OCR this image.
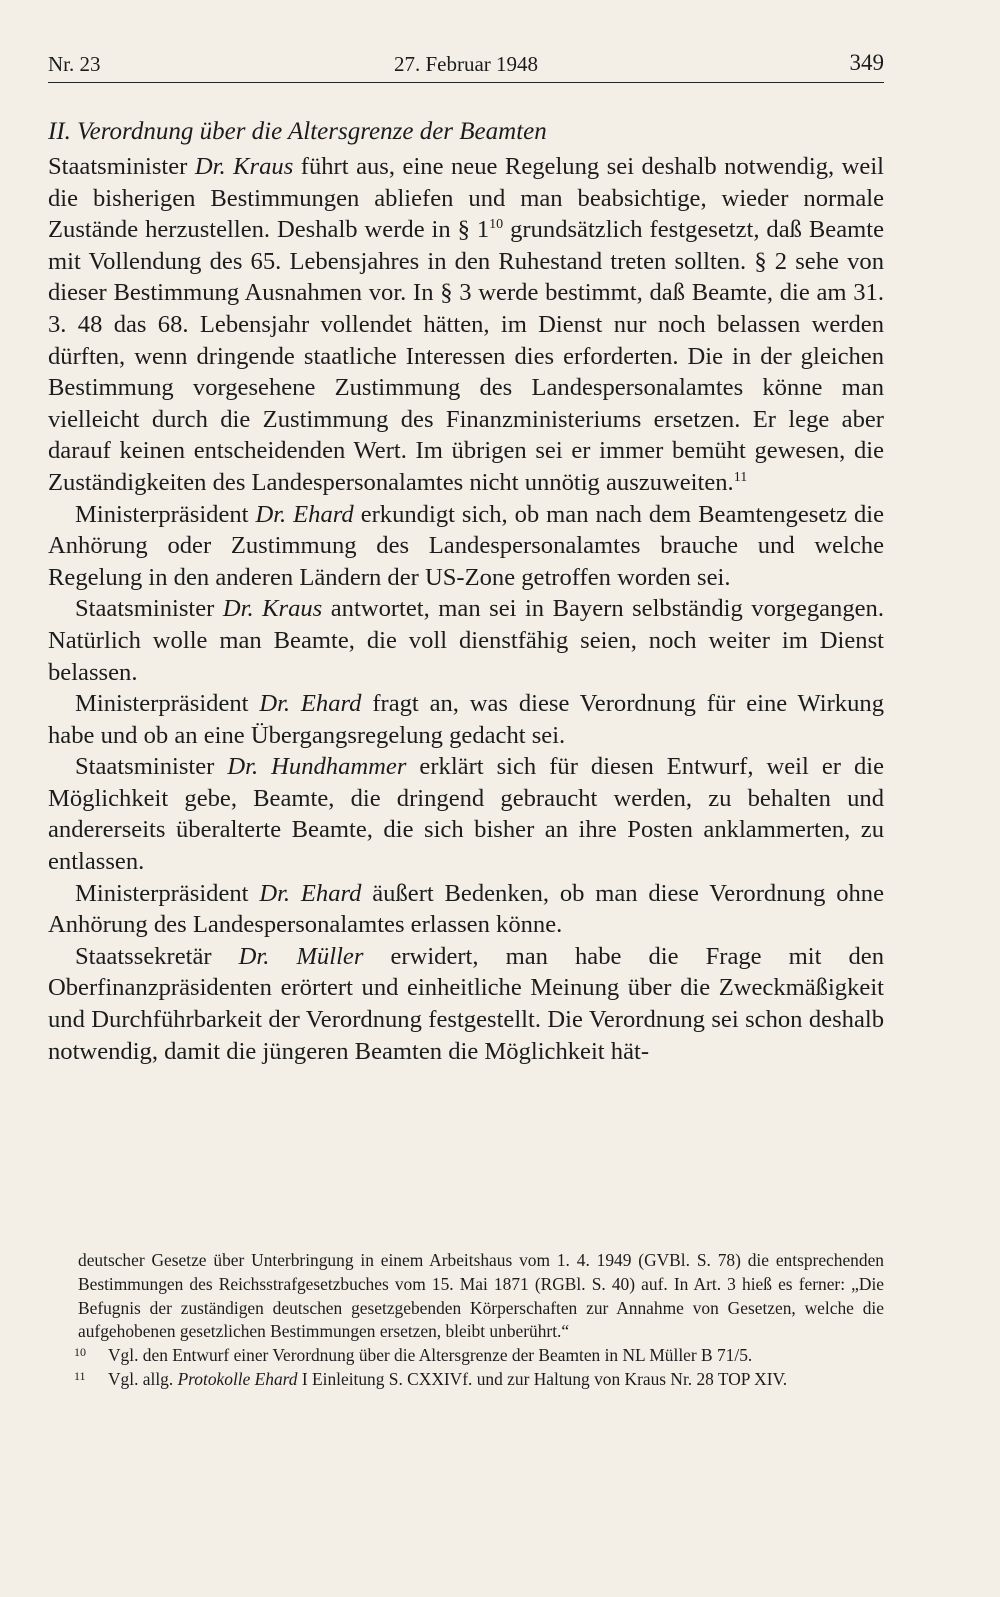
Nr. 23	27. Februar 1948	349
II. Verordnung über die Altersgrenze der Beamten

Staatsminister Dr. Kraus führt aus, eine neue Regelung sei deshalb notwendig, weil die bisherigen Bestimmungen abliefen und man beabsichtige, wieder normale Zustände herzustellen. Deshalb werde in § 1$^{10}$ grundsätzlich festgesetzt, daß Beamte mit Vollendung des 65. Lebensjahres in den Ruhestand treten sollten. § 2 sehe von dieser Bestimmung Ausnahmen vor. In § 3 werde bestimmt, daß Beamte, die am 31. 3. 48 das 68. Lebensjahr vollendet hätten, im Dienst nur noch belassen werden dürften, wenn dringende staatliche Interessen dies erforderten. Die in der gleichen Bestimmung vorgesehene Zustimmung des Landespersonalamtes könne man vielleicht durch die Zustimmung des Finanzministeriums ersetzen. Er lege aber darauf keinen entscheidenden Wert. Im übrigen sei er immer bemüht gewesen, die Zuständigkeiten des Landespersonalamtes nicht unnötig auszuweiten.$^{11}$

Ministerpräsident Dr. Ehard erkundigt sich, ob man nach dem Beamtengesetz die Anhörung oder Zustimmung des Landespersonalamtes brauche und welche Regelung in den anderen Ländern der US-Zone getroffen worden sei.

Staatsminister Dr. Kraus antwortet, man sei in Bayern selbständig vorgegangen. Natürlich wolle man Beamte, die voll dienstfähig seien, noch weiter im Dienst belassen.

Ministerpräsident Dr. Ehard fragt an, was diese Verordnung für eine Wirkung habe und ob an eine Übergangsregelung gedacht sei.

Staatsminister Dr. Hundhammer erklärt sich für diesen Entwurf, weil er die Möglichkeit gebe, Beamte, die dringend gebraucht werden, zu behalten und andererseits überalterte Beamte, die sich bisher an ihre Posten anklammerten, zu entlassen.

Ministerpräsident Dr. Ehard äußert Bedenken, ob man diese Verordnung ohne Anhörung des Landespersonalamtes erlassen könne.

Staatssekretär Dr. Müller erwidert, man habe die Frage mit den Oberfinanzpräsidenten erörtert und einheitliche Meinung über die Zweckmäßigkeit und Durchführbarkeit der Verordnung festgestellt. Die Verordnung sei schon deshalb notwendig, damit die jüngeren Beamten die Möglichkeit hät-

deutscher Gesetze über Unterbringung in einem Arbeitshaus vom 1. 4. 1949 (GVBl. S. 78) die entsprechenden Bestimmungen des Reichsstrafgesetzbuches vom 15. Mai 1871 (RGBl. S. 40) auf. In Art. 3 hieß es ferner: „Die Befugnis der zuständigen deutschen gesetzgebenden Körperschaften zur Annahme von Gesetzen, welche die aufgehobenen gesetzlichen Bestimmungen ersetzen, bleibt unberührt.“

10 Vgl. den Entwurf einer Verordnung über die Altersgrenze der Beamten in NL Müller B 71/5.

11 Vgl. allg. Protokolle Ehard I Einleitung S. CXXIVf. und zur Haltung von Kraus Nr. 28 TOP XIV.
